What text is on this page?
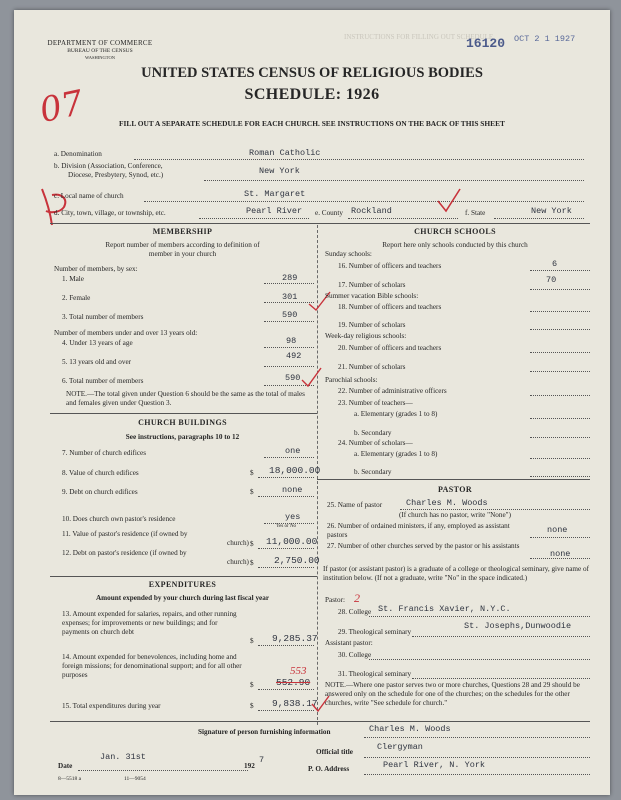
DEPARTMENT OF COMMERCE
BUREAU OF THE CENSUS
WASHINGTON
INSTRUCTIONS FOR FILLING OUT SCHEDULE
16120 OCT 2 1 1927
UNITED STATES CENSUS OF RELIGIOUS BODIES
SCHEDULE: 1926
FILL OUT A SEPARATE SCHEDULE FOR EACH CHURCH. SEE INSTRUCTIONS ON THE BACK OF THIS SHEET
07
a. Denomination	Roman Catholic
b. Division (Association, Conference,
Diocese, Presbytery, Synod, etc.)	New York
c. Local name of church	St. Margaret
d. City, town, village, or township, etc.	Pearl River e. County Rockland	f. State	New York
MEMBERSHIP
Report number of members according to definition of
member in your church
Number of members, by sex:
1. Male	289
2. Female	301
3. Total number of members	590
Number of members under and over 13 years old:
4. Under 13 years of age	98
5. 13 years old and over
492
6. Total number of members	590
NOTE.—The total given under Question 6 should be the same as the total of males and females given under Question 3.
CHURCH BUILDINGS
See instructions, paragraphs 10 to 12
7. Number of church edifices	one
8. Value of church edifices	$ 18,000.00
9. Debt on church edifices	$	none
10. Does church own pastor's residence	yes
Yes or No
11. Value of pastor's residence (if owned by
church) $ 11,000.00
12. Debt on pastor's residence (if owned by
church) $ 2,750.00
EXPENDITURES
Amount expended by your church during last fiscal year
13. Amount expended for salaries, repairs, and other running expenses; for improvements or new buildings; and for payments on church debt
$ 9,285.37
14. Amount expended for benevolences, including home and foreign missions; for denominational support; and for all other purposes	553
$ 552.90
15. Total expenditures during year	$ 9,838.17
CHURCH SCHOOLS
Report here only schools conducted by this church
Sunday schools:
16. Number of officers and teachers	6
17. Number of scholars	70
Summer vacation Bible schools:
18. Number of officers and teachers
19. Number of scholars
Week-day religious schools:
20. Number of officers and teachers
21. Number of scholars
Parochial schools:
22. Number of administrative officers
23. Number of teachers—
a. Elementary (grades 1 to 8)
b. Secondary
24. Number of scholars—
a. Elementary (grades 1 to 8)
b. Secondary
PASTOR
25. Name of pastor	Charles M. Woods
(If church has no pastor, write "None")
26. Number of ordained ministers, if any, employed as assistant pastors	none
27. Number of other churches served by the pastor or his assistants
none
If pastor (or assistant pastor) is a graduate of a college or theological seminary, give name of institution below. (If not a graduate, write "No" in the space indicated.)
Pastor: 2
28. College St. Francis Xavier, N.Y.C.
29. Theological seminary
St. Josephs,Dunwoodie
Assistant pastor:
30. College
31. Theological seminary
NOTE.—Where one pastor serves two or more churches, Questions 28 and 29 should be answered only on the schedule for one of the churches; on the schedules for the other churches, write "See schedule for church."
Signature of person furnishing information	Charles M. Woods
Official title	Clergyman
Date
Jan. 31st
192
7
P. O. Address	Pearl River, N. York
8—5518 a	11—9054
